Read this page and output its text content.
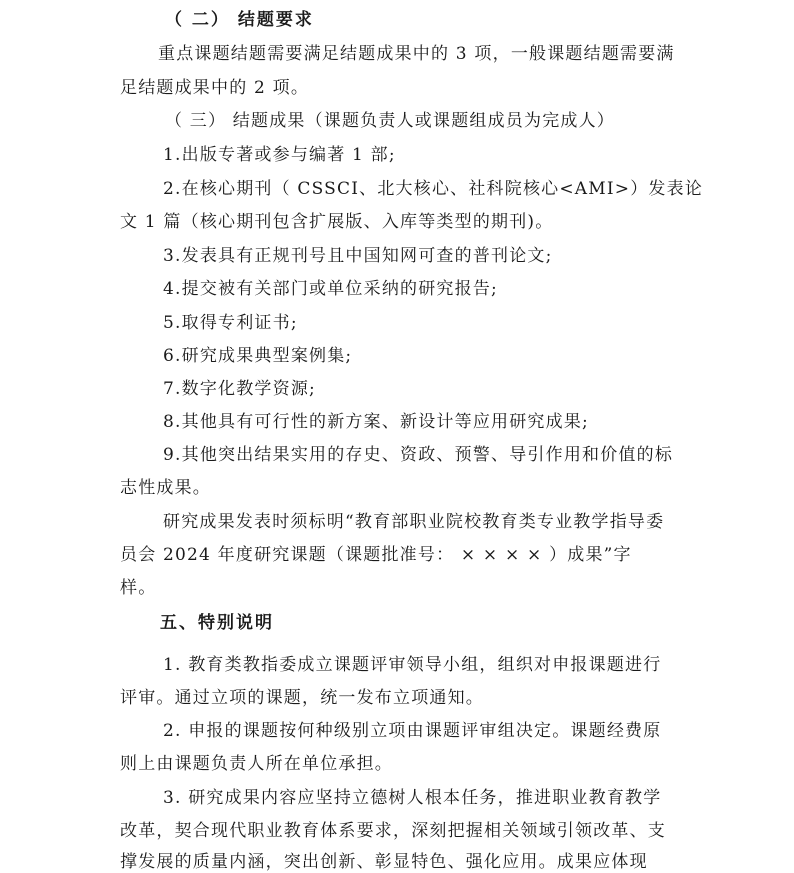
（ 二） 结题要求
重点课题结题需要满足结题成果中的 3 项，一般课题结题需要满
足结题成果中的 2 项。
（ 三） 结题成果（课题负责人或课题组成员为完成人）
1.出版专著或参与编著 1 部;
2.在核心期刊（ CSSCI、北大核心、社科院核心<AMI>）发表论
文 1 篇（核心期刊包含扩展版、入库等类型的期刊)。
3.发表具有正规刊号且中国知网可查的普刊论文;
4.提交被有关部门或单位采纳的研究报告;
5.取得专利证书;
6.研究成果典型案例集;
7.数字化教学资源;
8.其他具有可行性的新方案、新设计等应用研究成果;
9.其他突出结果实用的存史、资政、预警、导引作用和价值的标
志性成果。
研究成果发表时须标明“教育部职业院校教育类专业教学指导委
员会 2024 年度研究课题（课题批准号： × × × × ）成果”字
样。
五、特别说明
1. 教育类教指委成立课题评审领导小组，组织对申报课题进行
评审。通过立项的课题，统一发布立项通知。
2. 申报的课题按何种级别立项由课题评审组决定。课题经费原
则上由课题负责人所在单位承担。
3. 研究成果内容应坚持立德树人根本任务，推进职业教育教学
改革，契合现代职业教育体系要求，深刻把握相关领域引领改革、支
撑发展的质量内涵，突出创新、彰显特色、强化应用。成果应体现
